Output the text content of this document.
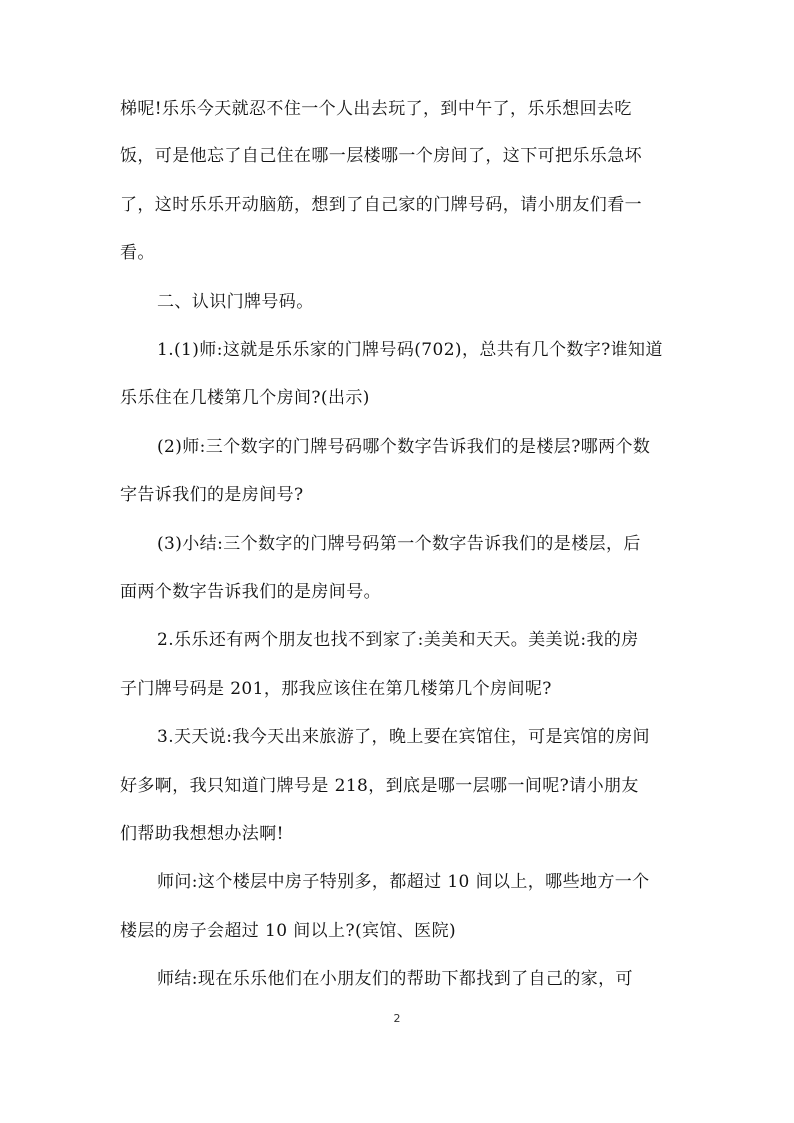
梯呢!乐乐今天就忍不住一个人出去玩了，到中午了，乐乐想回去吃
饭，可是他忘了自己住在哪一层楼哪一个房间了，这下可把乐乐急坏
了，这时乐乐开动脑筋，想到了自己家的门牌号码，请小朋友们看一
看。
二、认识门牌号码。
1.(1)师:这就是乐乐家的门牌号码(702)，总共有几个数字?谁知道
乐乐住在几楼第几个房间?(出示)
(2)师:三个数字的门牌号码哪个数字告诉我们的是楼层?哪两个数
字告诉我们的是房间号?
(3)小结:三个数字的门牌号码第一个数字告诉我们的是楼层，后
面两个数字告诉我们的是房间号。
2.乐乐还有两个朋友也找不到家了:美美和天天。美美说:我的房
子门牌号码是 201，那我应该住在第几楼第几个房间呢?
3.天天说:我今天出来旅游了，晚上要在宾馆住，可是宾馆的房间
好多啊，我只知道门牌号是 218，到底是哪一层哪一间呢?请小朋友
们帮助我想想办法啊!
师问:这个楼层中房子特别多，都超过 10 间以上，哪些地方一个
楼层的房子会超过 10 间以上?(宾馆、医院)
师结:现在乐乐他们在小朋友们的帮助下都找到了自己的家，可
2
